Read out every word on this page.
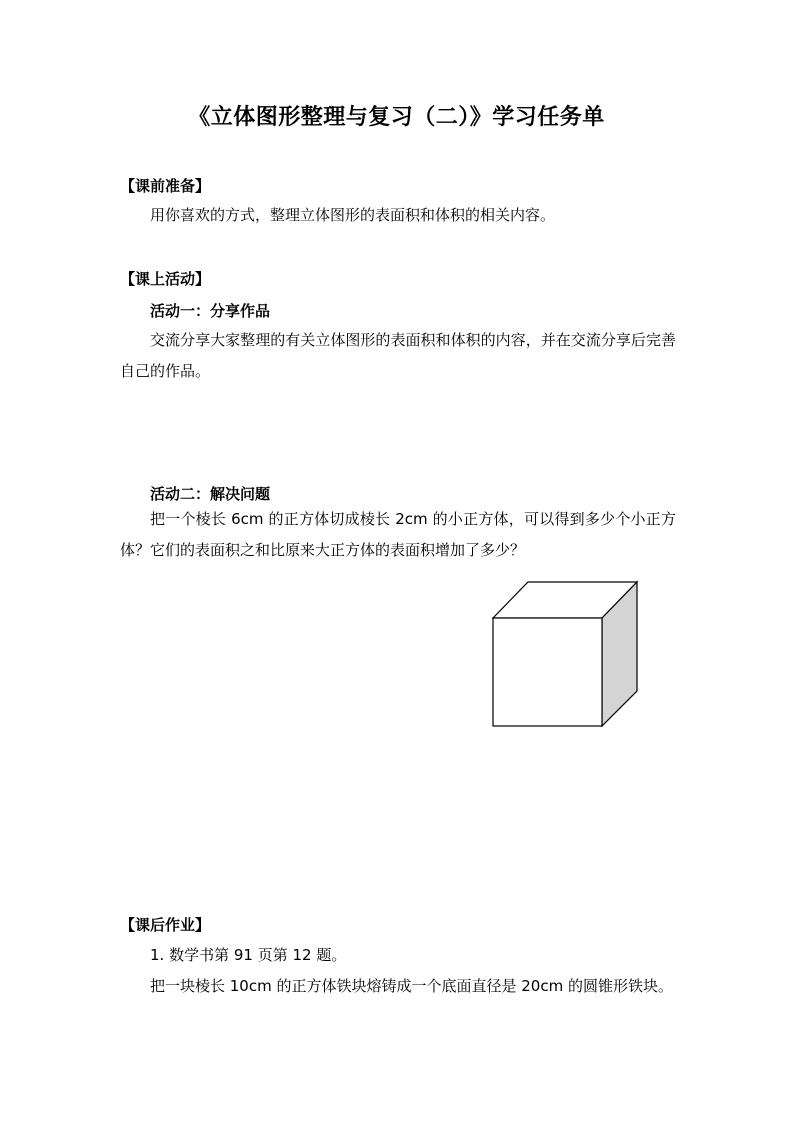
《立体图形整理与复习（二）》学习任务单
【课前准备】
用你喜欢的方式，整理立体图形的表面积和体积的相关内容。
【课上活动】
活动一：分享作品
交流分享大家整理的有关立体图形的表面积和体积的内容，并在交流分享后完善自己的作品。
活动二：解决问题
把一个棱长 6cm 的正方体切成棱长 2cm 的小正方体，可以得到多少个小正方体？它们的表面积之和比原来大正方体的表面积增加了多少？
【课后作业】
1. 数学书第 91 页第 12 题。
把一块棱长 10cm 的正方体铁块熔铸成一个底面直径是 20cm 的圆锥形铁块。
